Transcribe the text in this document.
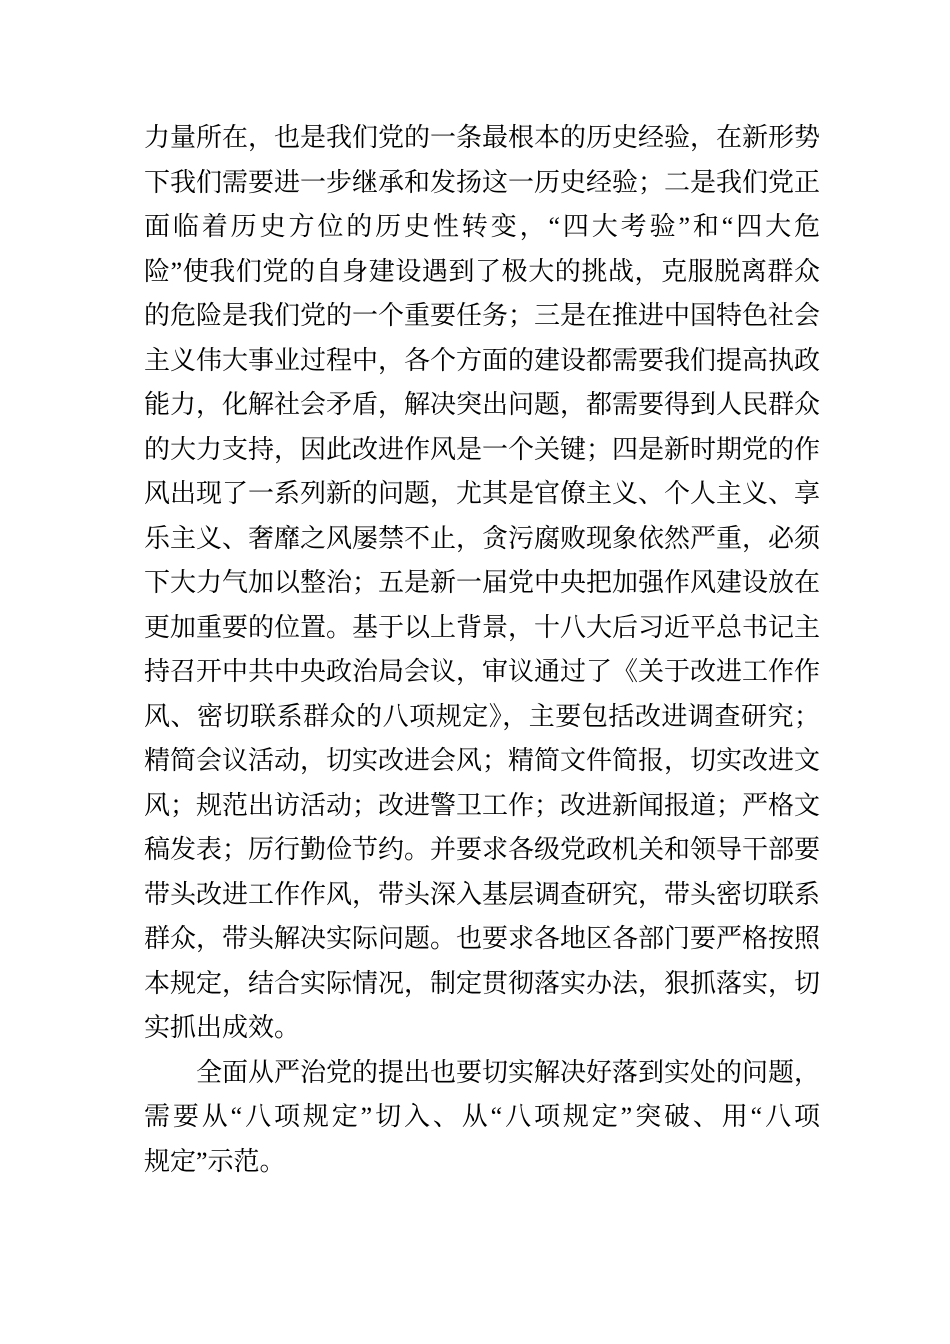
力量所在，也是我们党的一条最根本的历史经验，在新形势
下我们需要进一步继承和发扬这一历史经验；二是我们党正
面临着历史方位的历史性转变，“四大考验”和“四大危
险”使我们党的自身建设遇到了极大的挑战，克服脱离群众
的危险是我们党的一个重要任务；三是在推进中国特色社会
主义伟大事业过程中，各个方面的建设都需要我们提高执政
能力，化解社会矛盾，解决突出问题，都需要得到人民群众
的大力支持，因此改进作风是一个关键；四是新时期党的作
风出现了一系列新的问题，尤其是官僚主义、个人主义、享
乐主义、奢靡之风屡禁不止，贪污腐败现象依然严重，必须
下大力气加以整治；五是新一届党中央把加强作风建设放在
更加重要的位置。基于以上背景，十八大后习近平总书记主
持召开中共中央政治局会议，审议通过了《关于改进工作作
风、密切联系群众的八项规定》，主要包括改进调查研究；
精简会议活动，切实改进会风；精简文件简报，切实改进文
风；规范出访活动；改进警卫工作；改进新闻报道；严格文
稿发表；厉行勤俭节约。并要求各级党政机关和领导干部要
带头改进工作作风，带头深入基层调查研究，带头密切联系
群众，带头解决实际问题。也要求各地区各部门要严格按照
本规定，结合实际情况，制定贯彻落实办法，狠抓落实，切
实抓出成效。
全面从严治党的提出也要切实解决好落到实处的问题，
需要从“八项规定”切入、从“八项规定”突破、用“八项
规定”示范。
